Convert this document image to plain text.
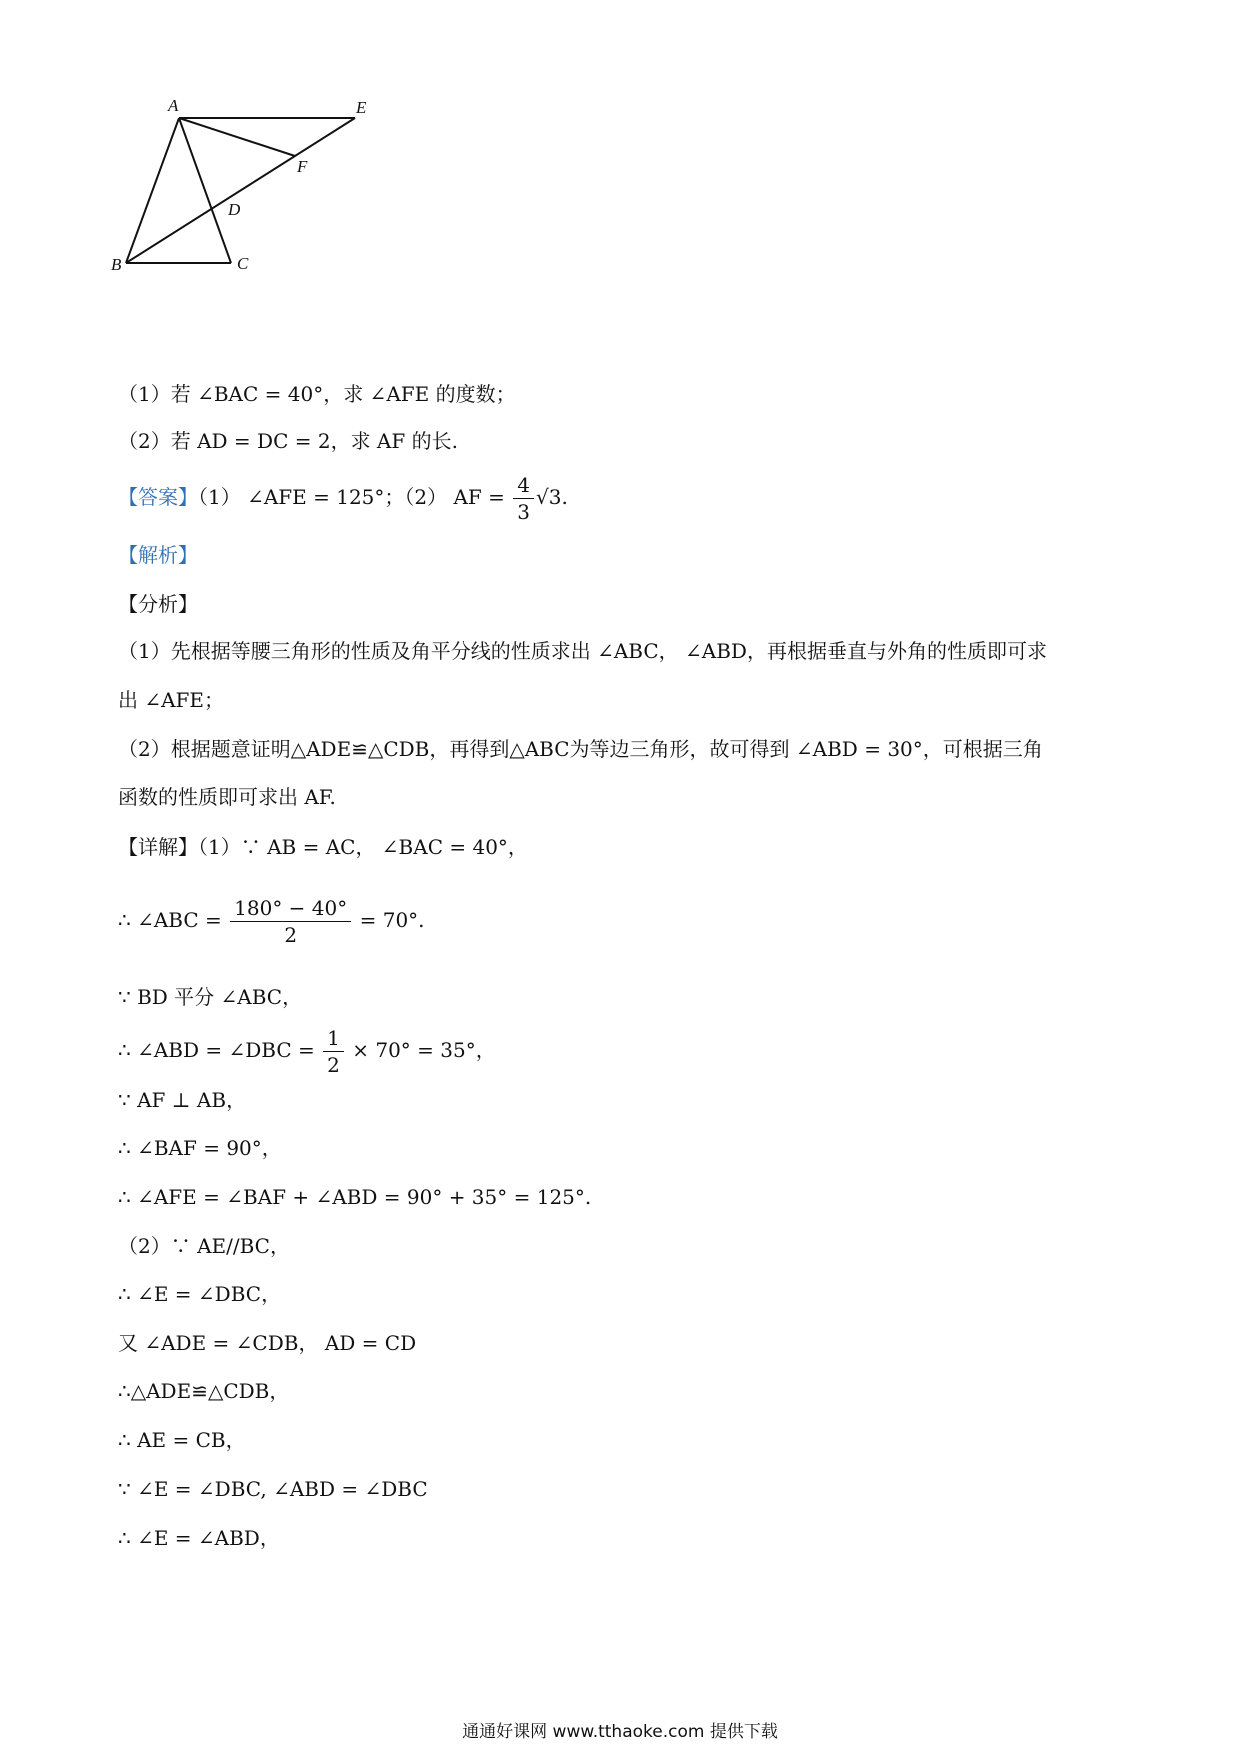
A	E
F
D
B	C
（1）若 ∠BAC = 40°，求 ∠AFE 的度数；
（2）若 AD = DC = 2，求 AF 的长.
【答案】（1） ∠AFE = 125°；（2） AF = $\frac{4}{3} √3$.
【解析】
【分析】
（1）先根据等腰三角形的性质及角平分线的性质求出 ∠ABC， ∠ABD，再根据垂直与外角的性质即可求
出 ∠AFE；
（2）根据题意证明△ADE≌△CDB，再得到△ABC为等边三角形，故可得到 ∠ABD = 30°，可根据三角
函数的性质即可求出 AF.
【详解】（1）∵ AB = AC， ∠BAC = 40°，
∴ ∠ABC = $\frac{180^\circ - 40^\circ}{2} = 70^\circ$.
∵ BD 平分 ∠ABC，
∴ ∠ABD = ∠DBC = $\frac{1}{2} \times 70^\circ = 35^\circ$，
∵ AF ⊥ AB，
∴ ∠BAF = 90°，
∴ ∠AFE = ∠BAF + ∠ABD = 90° + 35° = 125°.
（2）∵ AE//BC，
∴ ∠E = ∠DBC，
又 ∠ADE = ∠CDB， AD = CD
∴△ADE≌△CDB，
∴ AE = CB，
∵ ∠E = ∠DBC, ∠ABD = ∠DBC
∴ ∠E = ∠ABD，
通通好课网 www.tthaoke.com 提供下载
